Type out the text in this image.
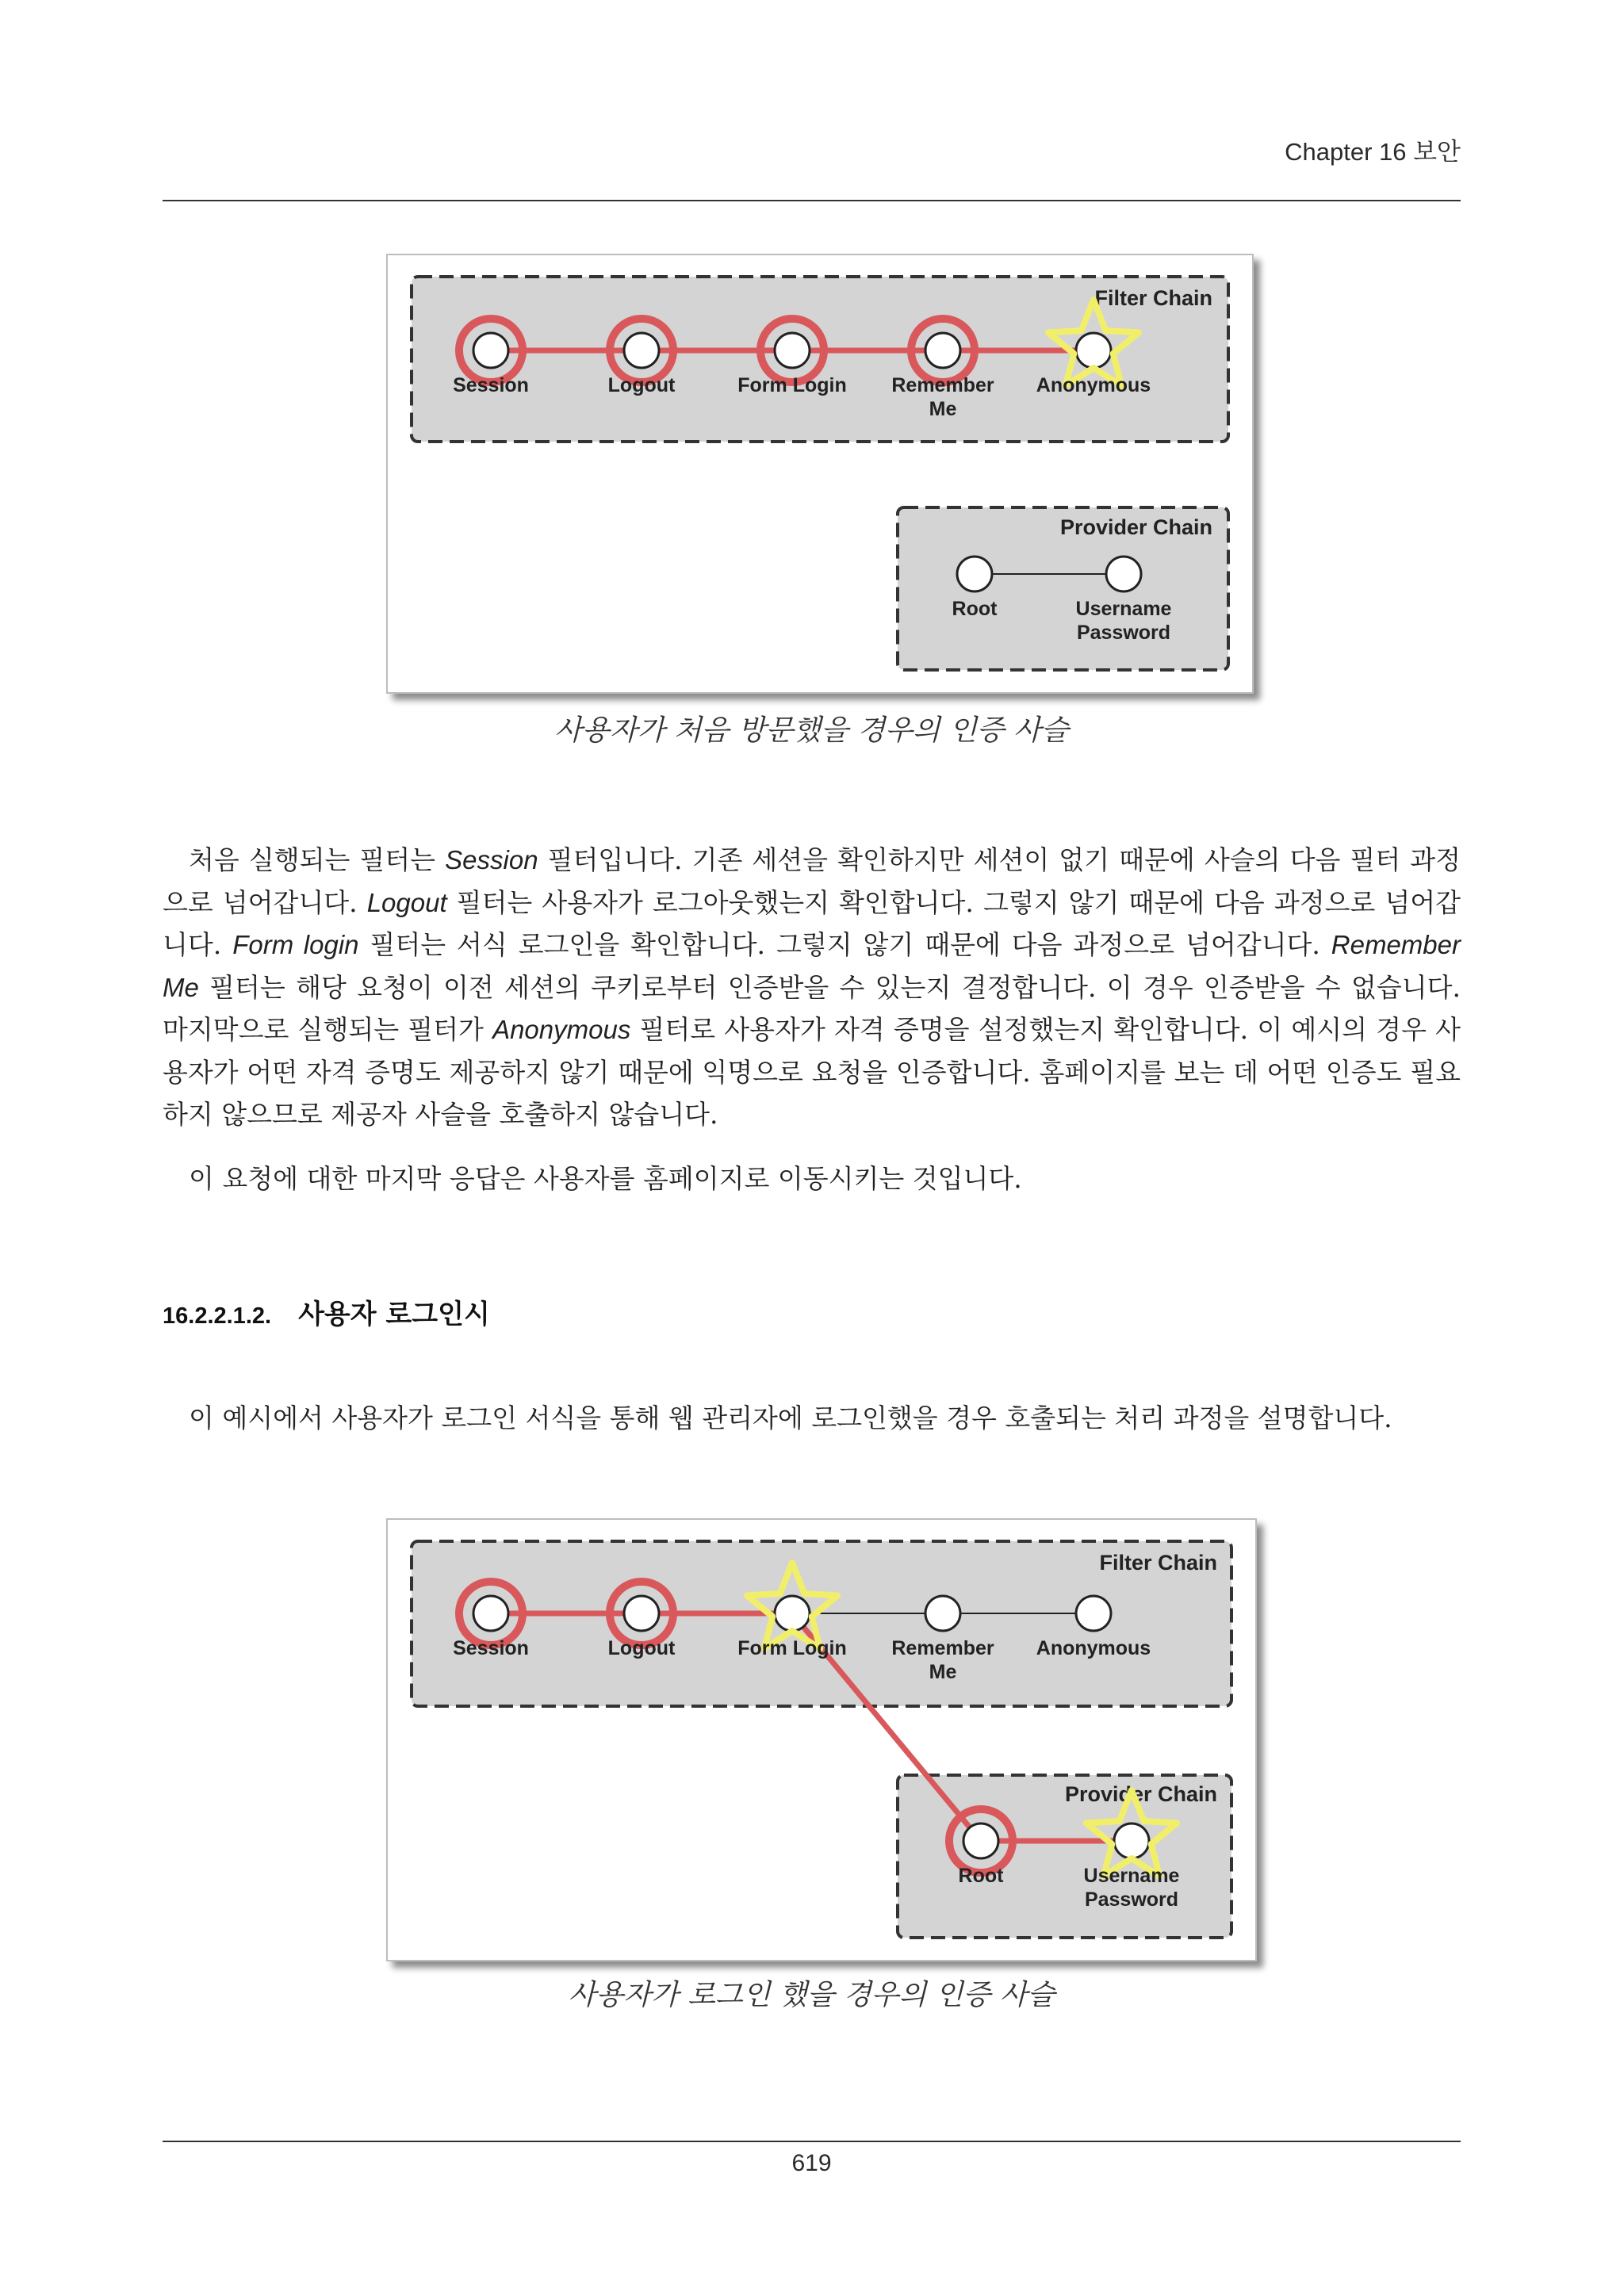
Chapter 16 보안
Filter Chain
Provider Chain
Session	Logout	Form Login Remember
Me
Anonymous
Root	Username
Password
사용자가 처음 방문했을 경우의 인증 사슬

처음 실행되는 필터는 Session 필터입니다. 기존 세션을 확인하지만 세션이 없기 때문에 사슬의 다음 필터 과정으로 넘어갑니다. Logout 필터는 사용자가 로그아웃했는지 확인합니다. 그렇지 않기 때문에 다음 과정으로 넘어갑니다. Form login 필터는 서식 로그인을 확인합니다. 그렇지 않기 때문에 다음 과정으로 넘어갑니다. Remember Me 필터는 해당 요청이 이전 세션의 쿠키로부터 인증받을 수 있는지 결정합니다. 이 경우 인증받을 수 없습니다. 마지막으로 실행되는 필터가 Anonymous 필터로 사용자가 자격 증명을 설정했는지 확인합니다. 이 예시의 경우 사용자가 어떤 자격 증명도 제공하지 않기 때문에 익명으로 요청을 인증합니다. 홈페이지를 보는 데 어떤 인증도 필요하지 않으므로 제공자 사슬을 호출하지 않습니다.

이 요청에 대한 마지막 응답은 사용자를 홈페이지로 이동시키는 것입니다.

16.2.2.1.2. 사용자 로그인시

이 예시에서 사용자가 로그인 서식을 통해 웹 관리자에 로그인했을 경우 호출되는 처리 과정을 설명합니다.

Filter Chain
Provider Chain
Session	Logout	Form Login Remember
Me
Anonymous
Root	Username
Password
사용자가 로그인 했을 경우의 인증 사슬
619
